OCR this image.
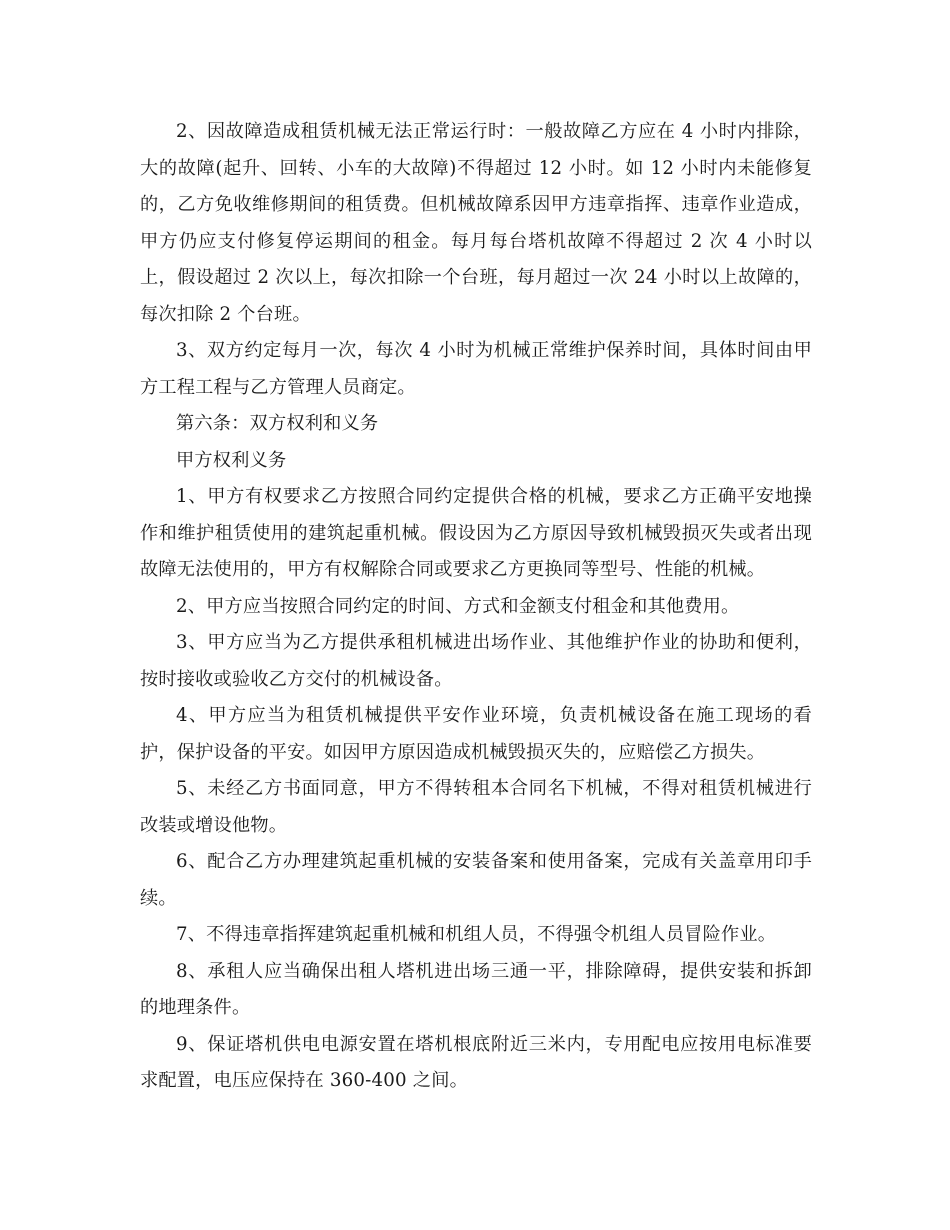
2、因故障造成租赁机械无法正常运行时：一般故障乙方应在 4 小时内排除，大的故障(起升、回转、小车的大故障)不得超过 12 小时。如 12 小时内未能修复的，乙方免收维修期间的租赁费。但机械故障系因甲方违章指挥、违章作业造成，甲方仍应支付修复停运期间的租金。每月每台塔机故障不得超过 2 次 4 小时以上，假设超过 2 次以上，每次扣除一个台班，每月超过一次 24 小时以上故障的，每次扣除 2 个台班。

3、双方约定每月一次，每次 4 小时为机械正常维护保养时间，具体时间由甲方工程工程与乙方管理人员商定。

第六条：双方权利和义务

甲方权利义务

1、甲方有权要求乙方按照合同约定提供合格的机械，要求乙方正确平安地操作和维护租赁使用的建筑起重机械。假设因为乙方原因导致机械毁损灭失或者出现故障无法使用的，甲方有权解除合同或要求乙方更换同等型号、性能的机械。

2、甲方应当按照合同约定的时间、方式和金额支付租金和其他费用。

3、甲方应当为乙方提供承租机械进出场作业、其他维护作业的协助和便利，按时接收或验收乙方交付的机械设备。

4、甲方应当为租赁机械提供平安作业环境，负责机械设备在施工现场的看护，保护设备的平安。如因甲方原因造成机械毁损灭失的，应赔偿乙方损失。

5、未经乙方书面同意，甲方不得转租本合同名下机械，不得对租赁机械进行改装或增设他物。

6、配合乙方办理建筑起重机械的安装备案和使用备案，完成有关盖章用印手续。

7、不得违章指挥建筑起重机械和机组人员，不得强令机组人员冒险作业。

8、承租人应当确保出租人塔机进出场三通一平，排除障碍，提供安装和拆卸的地理条件。

9、保证塔机供电电源安置在塔机根底附近三米内，专用配电应按用电标准要求配置，电压应保持在 360-400 之间。
